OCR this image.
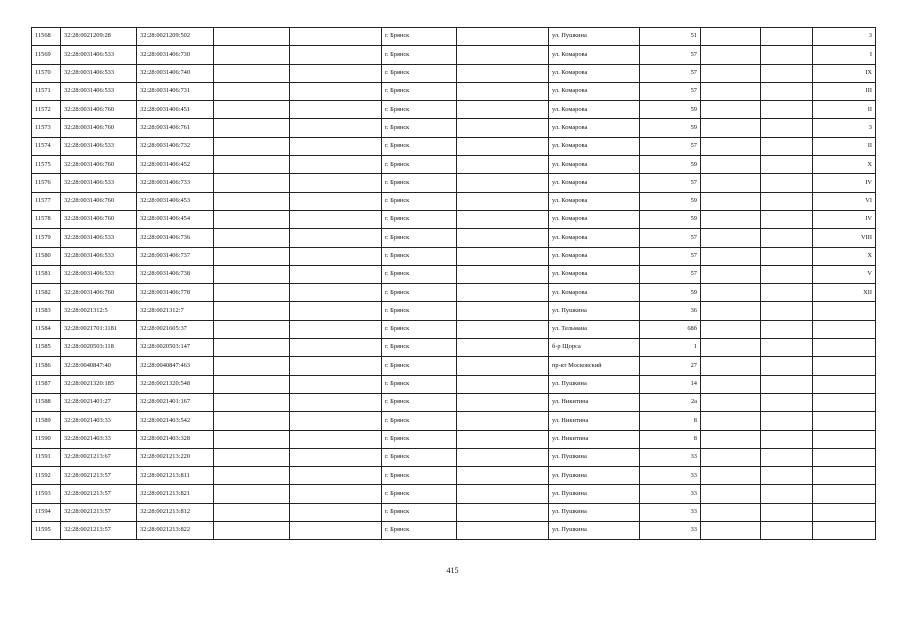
11568	32:28:0021209:28	32:28:0021209:502			г. Брянск		ул. Пушкина	51			3
11569	32:28:0031406:533	32:28:0031406:730			г. Брянск		ул. Комарова	57			I
11570	32:28:0031406:533	32:28:0031406:740			г. Брянск		ул. Комарова	57			IX
11571	32:28:0031406:533	32:28:0031406:731			г. Брянск		ул. Комарова	57			III
11572	32:28:0031406:760	32:28:0031406:451			г. Брянск		ул. Комарова	59			II
11573	32:28:0031406:760	32:28:0031406:761			г. Брянск		ул. Комарова	59			3
11574	32:28:0031406:533	32:28:0031406:732			г. Брянск		ул. Комарова	57			II
11575	32:28:0031406:760	32:28:0031406:452			г. Брянск		ул. Комарова	59			X
11576	32:28:0031406:533	32:28:0031406:733			г. Брянск		ул. Комарова	57			IV
11577	32:28:0031406:760	32:28:0031406:453			г. Брянск		ул. Комарова	59			VI
11578	32:28:0031406:760	32:28:0031406:454			г. Брянск		ул. Комарова	59			IV
11579	32:28:0031406:533	32:28:0031406:736			г. Брянск		ул. Комарова	57			VIII
11580	32:28:0031406:533	32:28:0031406:737			г. Брянск		ул. Комарова	57			X
11581	32:28:0031406:533	32:28:0031406:738			г. Брянск		ул. Комарова	57			V
11582	32:28:0031406:760	32:28:0031406:778			г. Брянск		ул. Комарова	59			XII
11583	32:28:0021312:5	32:28:0021312:7			г. Брянск		ул. Пушкина	36			
11584	32:28:0021701:1181	32:28:0021605:37			г. Брянск		ул. Тельмана	68б			
11585	32:28:0020503:118	32:28:0020503:147			г. Брянск		б-р Щорса	1			
11586	32:28:0040847:40	32:28:0040847:463			г. Брянск		пр-кт Московский	27			
11587	32:28:0021320:185	32:28:0021320:548			г. Брянск		ул. Пушкина	14			
11588	32:28:0021401:27	32:28:0021401:167			г. Брянск		ул. Никитина	2а			
11589	32:28:0021403:33	32:28:0021403:542			г. Брянск		ул. Никитина	8			
11590	32:28:0021403:33	32:28:0021403:328			г. Брянск		ул. Никитина	8			
11591	32:28:0021213:67	32:28:0021213:220			г. Брянск		ул. Пушкина	33			
11592	32:28:0021213:57	32:28:0021213:811			г. Брянск		ул. Пушкина	33			
11593	32:28:0021213:57	32:28:0021213:821			г. Брянск		ул. Пушкина	33			
11594	32:28:0021213:57	32:28:0021213:812			г. Брянск		ул. Пушкина	33			
11595	32:28:0021213:57	32:28:0021213:822			г. Брянск		ул. Пушкина	33			
415
